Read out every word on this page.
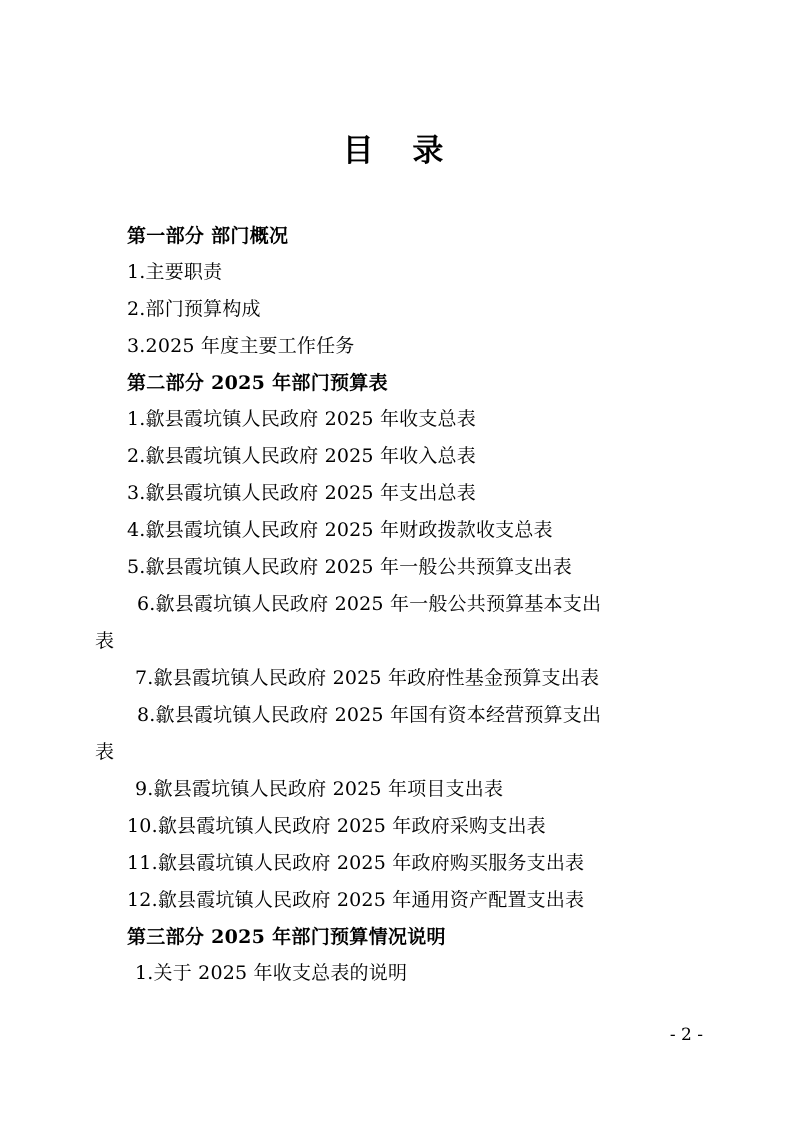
目 录
第一部分 部门概况
1.主要职责
2.部门预算构成
3.2025 年度主要工作任务
第二部分 2025 年部门预算表
1.歙县霞坑镇人民政府 2025 年收支总表
2.歙县霞坑镇人民政府 2025 年收入总表
3.歙县霞坑镇人民政府 2025 年支出总表
4.歙县霞坑镇人民政府 2025 年财政拨款收支总表
5.歙县霞坑镇人民政府 2025 年一般公共预算支出表
6.歙县霞坑镇人民政府 2025 年一般公共预算基本支出
表
7.歙县霞坑镇人民政府 2025 年政府性基金预算支出表
8.歙县霞坑镇人民政府 2025 年国有资本经营预算支出
表
9.歙县霞坑镇人民政府 2025 年项目支出表
10.歙县霞坑镇人民政府 2025 年政府采购支出表
11.歙县霞坑镇人民政府 2025 年政府购买服务支出表
12.歙县霞坑镇人民政府 2025 年通用资产配置支出表
第三部分 2025 年部门预算情况说明
1.关于 2025 年收支总表的说明
- 2 -
